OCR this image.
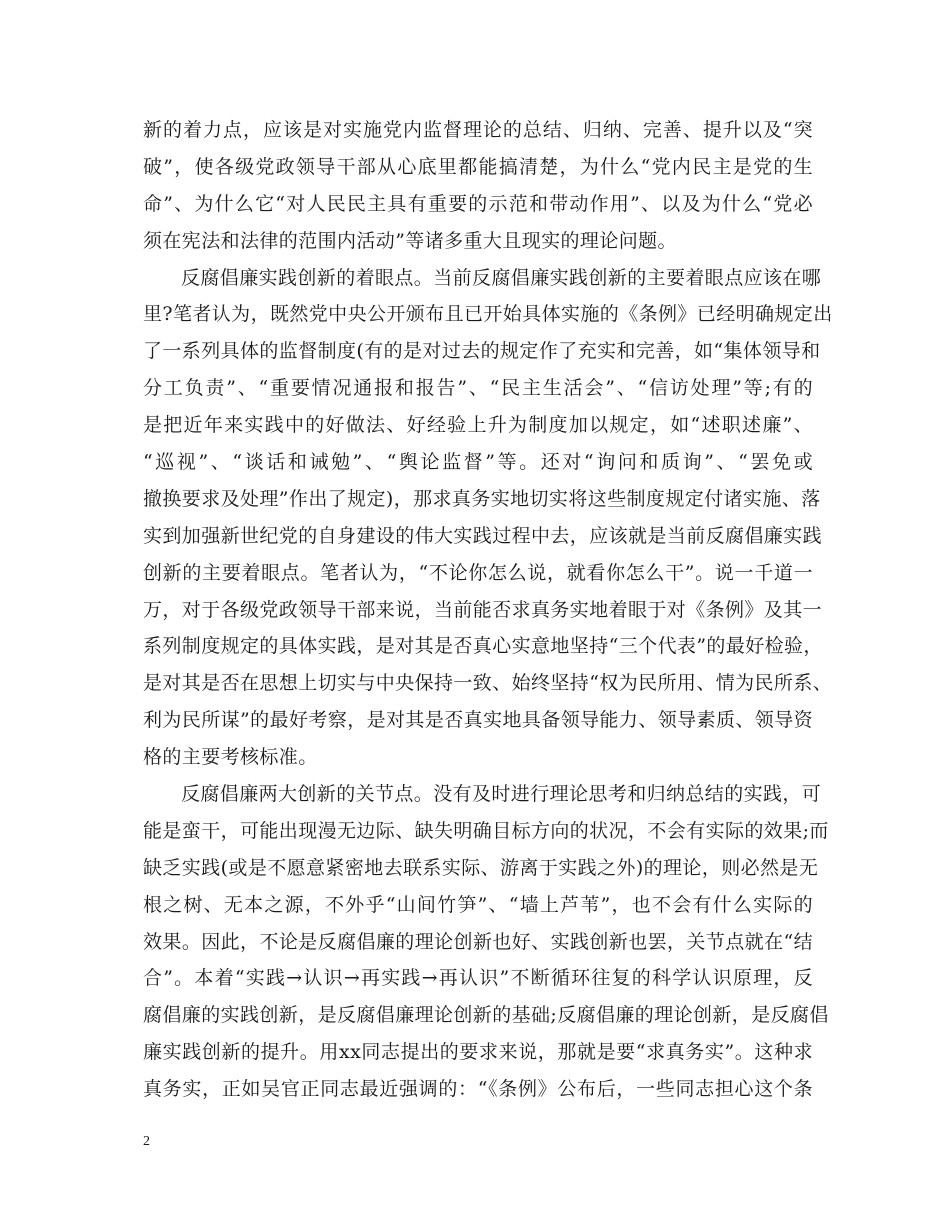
新的着力点，应该是对实施党内监督理论的总结、归纳、完善、提升以及“突
破”，使各级党政领导干部从心底里都能搞清楚，为什么“党内民主是党的生
命”、为什么它“对人民民主具有重要的示范和带动作用”、以及为什么“党必
须在宪法和法律的范围内活动”等诸多重大且现实的理论问题。
反腐倡廉实践创新的着眼点。当前反腐倡廉实践创新的主要着眼点应该在哪
里?笔者认为，既然党中央公开颁布且已开始具体实施的《条例》已经明确规定出
了一系列具体的监督制度(有的是对过去的规定作了充实和完善，如“集体领导和
分工负责”、“重要情况通报和报告”、“民主生活会”、“信访处理”等;有的
是把近年来实践中的好做法、好经验上升为制度加以规定，如“述职述廉”、
“巡视”、“谈话和诫勉”、“舆论监督”等。还对“询问和质询”、“罢免或
撤换要求及处理”作出了规定)，那求真务实地切实将这些制度规定付诸实施、落
实到加强新世纪党的自身建设的伟大实践过程中去，应该就是当前反腐倡廉实践
创新的主要着眼点。笔者认为，“不论你怎么说，就看你怎么干”。说一千道一
万，对于各级党政领导干部来说，当前能否求真务实地着眼于对《条例》及其一
系列制度规定的具体实践，是对其是否真心实意地坚持“三个代表”的最好检验，
是对其是否在思想上切实与中央保持一致、始终坚持“权为民所用、情为民所系、
利为民所谋”的最好考察，是对其是否真实地具备领导能力、领导素质、领导资
格的主要考核标准。
反腐倡廉两大创新的关节点。没有及时进行理论思考和归纳总结的实践，可
能是蛮干，可能出现漫无边际、缺失明确目标方向的状况，不会有实际的效果;而
缺乏实践(或是不愿意紧密地去联系实际、游离于实践之外)的理论，则必然是无
根之树、无本之源，不外乎“山间竹笋”、“墙上芦苇”，也不会有什么实际的
效果。因此，不论是反腐倡廉的理论创新也好、实践创新也罢，关节点就在“结
合”。本着“实践→认识→再实践→再认识”不断循环往复的科学认识原理，反
腐倡廉的实践创新，是反腐倡廉理论创新的基础;反腐倡廉的理论创新，是反腐倡
廉实践创新的提升。用xx同志提出的要求来说，那就是要“求真务实”。这种求
真务实，正如吴官正同志最近强调的：“《条例》公布后，一些同志担心这个条
2
